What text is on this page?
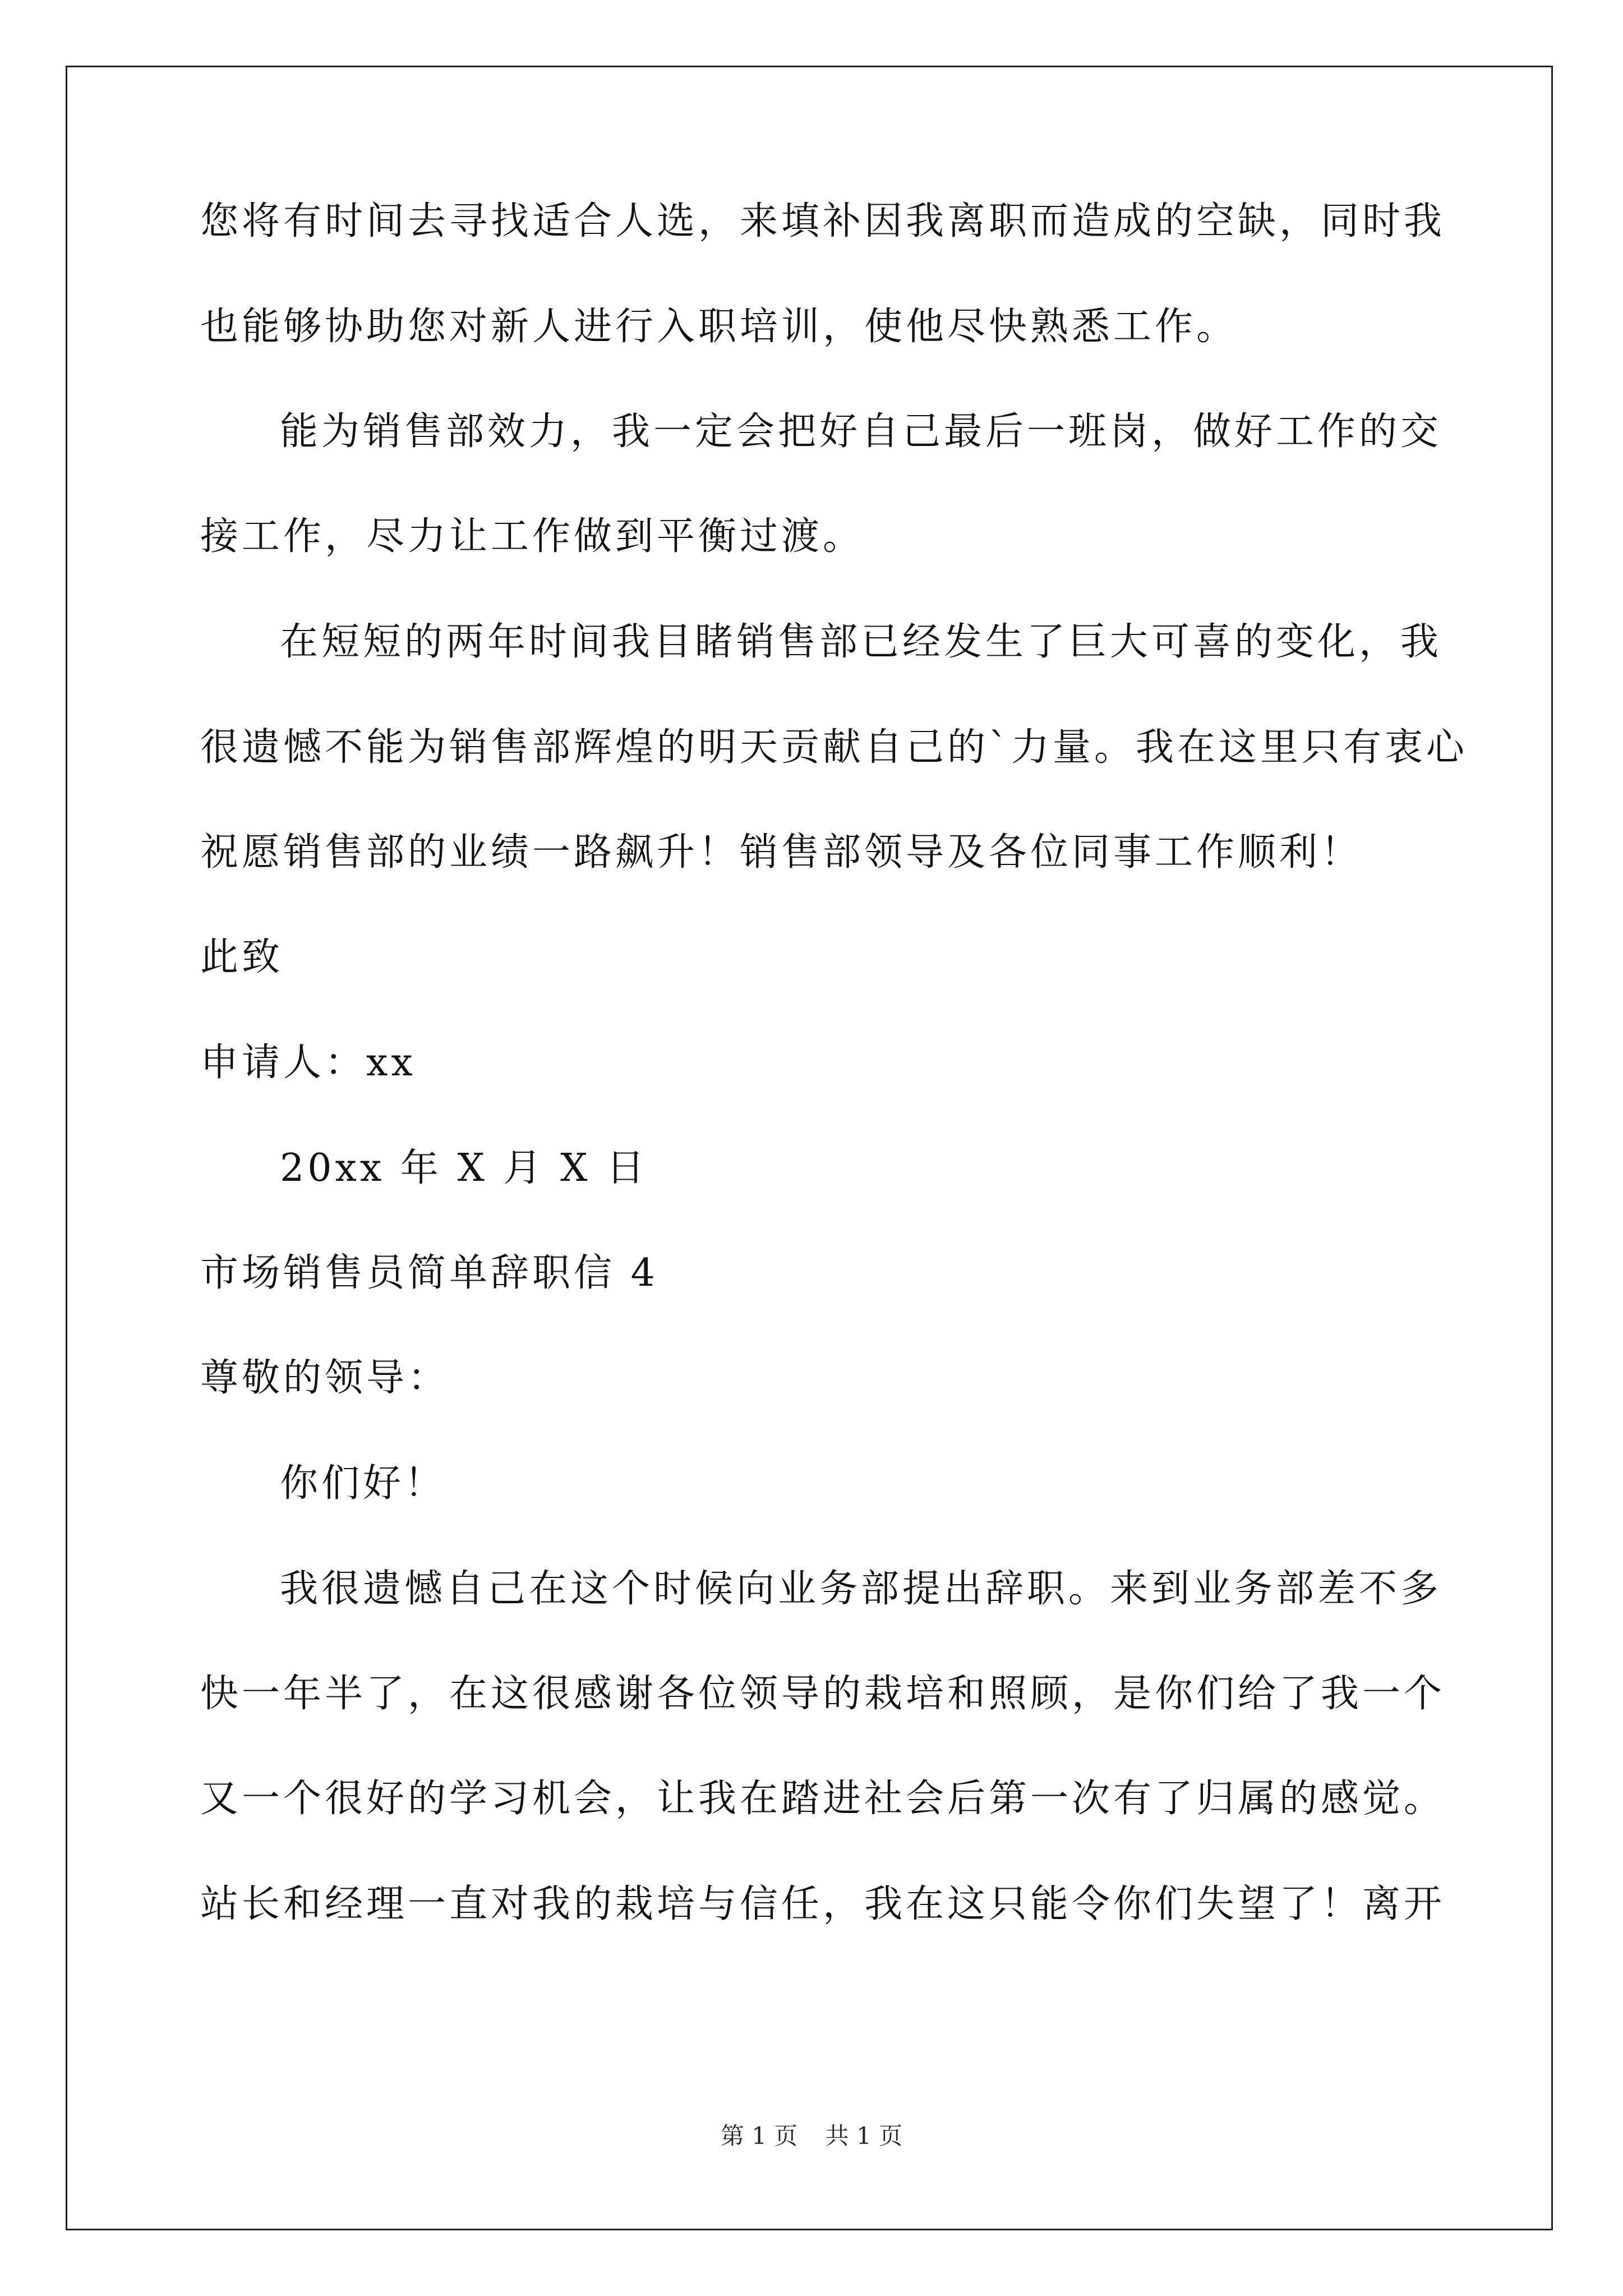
您将有时间去寻找适合人选，来填补因我离职而造成的空缺，同时我
也能够协助您对新人进行入职培训，使他尽快熟悉工作。
能为销售部效力，我一定会把好自己最后一班岗，做好工作的交
接工作，尽力让工作做到平衡过渡。
在短短的两年时间我目睹销售部已经发生了巨大可喜的变化，我
很遗憾不能为销售部辉煌的明天贡献自己的`力量。我在这里只有衷心
祝愿销售部的业绩一路飙升！销售部领导及各位同事工作顺利！
此致
申请人：xx
20xx 年 X 月 X 日
市场销售员简单辞职信 4
尊敬的领导：
你们好！
我很遗憾自己在这个时候向业务部提出辞职。来到业务部差不多
快一年半了，在这很感谢各位领导的栽培和照顾，是你们给了我一个
又一个很好的学习机会，让我在踏进社会后第一次有了归属的感觉。
站长和经理一直对我的栽培与信任，我在这只能令你们失望了！离开
第 1 页 共 1 页
